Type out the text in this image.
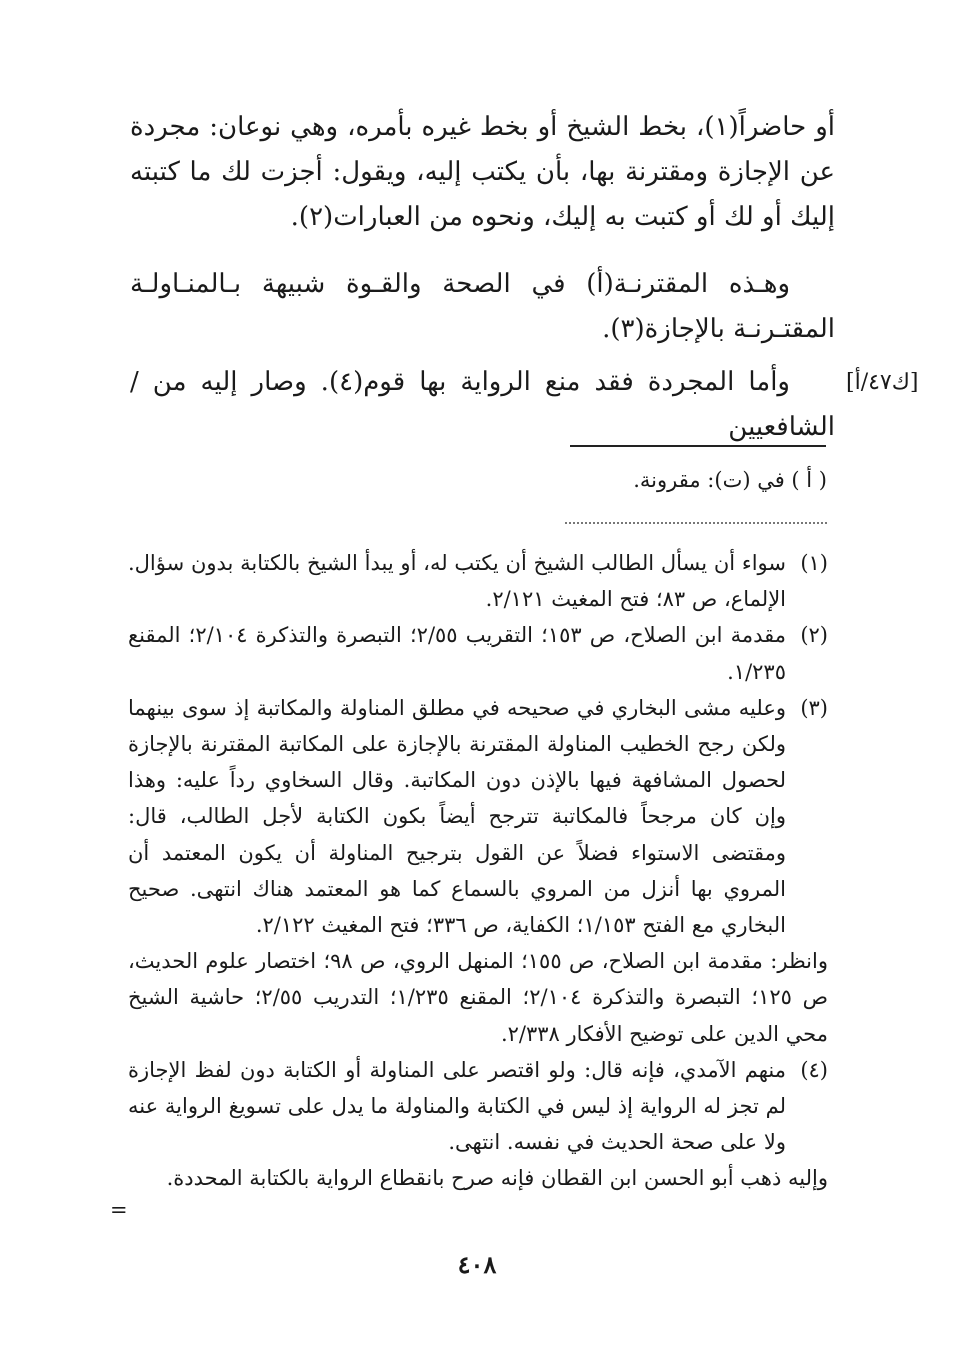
أو حاضراً(١)، بخط الشيخ أو بخط غيره بأمره، وهي نوعان: مجردة عن الإجازة ومقترنة بها، بأن يكتب إليه، ويقول: أجزت لك ما كتبته إليك أو لك أو كتبت به إليك، ونحوه من العبارات(٢).

وهـذه المقترنـة(أ) في الصحة والقـوة شبيهة بـالمنـاولـة المقتـرنـة بالإجازة(٣).

وأما المجردة فقد منع الرواية بها قوم(٤). وصار إليه من / الشافعيين

[ك٤٧/أ]
( أ ) في (ت): مقرونة.
(١)
سواء أن يسأل الطالب الشيخ أن يكتب له، أو يبدأ الشيخ بالكتابة بدون سؤال. الإلماع، ص ٨٣؛ فتح المغيث ٢/١٢١.
(٢)
مقدمة ابن الصلاح، ص ١٥٣؛ التقريب ٢/٥٥؛ التبصرة والتذكرة ٢/١٠٤؛ المقنع ١/٢٣٥.
(٣)
وعليه مشى البخاري في صحيحه في مطلق المناولة والمكاتبة إذ سوى بينهما ولكن رجح الخطيب المناولة المقترنة بالإجازة على المكاتبة المقترنة بالإجازة لحصول المشافهة فيها بالإذن دون المكاتبة. وقال السخاوي رداً عليه: وهذا وإن كان مرجحاً فالمكاتبة تترجح أيضاً بكون الكتابة لأجل الطالب، قال: ومقتضى الاستواء فضلاً عن القول بترجيح المناولة أن يكون المعتمد أن المروي بها أنزل من المروي بالسماع كما هو المعتمد هناك انتهى. صحيح البخاري مع الفتح ١/١٥٣؛ الكفاية، ص ٣٣٦؛ فتح المغيث ٢/١٢٢.
وانظر: مقدمة ابن الصلاح، ص ١٥٥؛ المنهل الروي، ص ٩٨؛ اختصار علوم الحديث، ص ١٢٥؛ التبصرة والتذكرة ٢/١٠٤؛ المقنع ١/٢٣٥؛ التدريب ٢/٥٥؛ حاشية الشيخ محي الدين على توضيح الأفكار ٢/٣٣٨.
(٤)
منهم الآمدي، فإنه قال: ولو اقتصر على المناولة أو الكتابة دون لفظ الإجازة لم تجز له الرواية إذ ليس في الكتابة والمناولة ما يدل على تسويغ الرواية عنه ولا على صحة الحديث في نفسه. انتهى.
وإليه ذهب أبو الحسن ابن القطان فإنه صرح بانقطاع الرواية بالكتابة المحددة.
=
٤٠٨
